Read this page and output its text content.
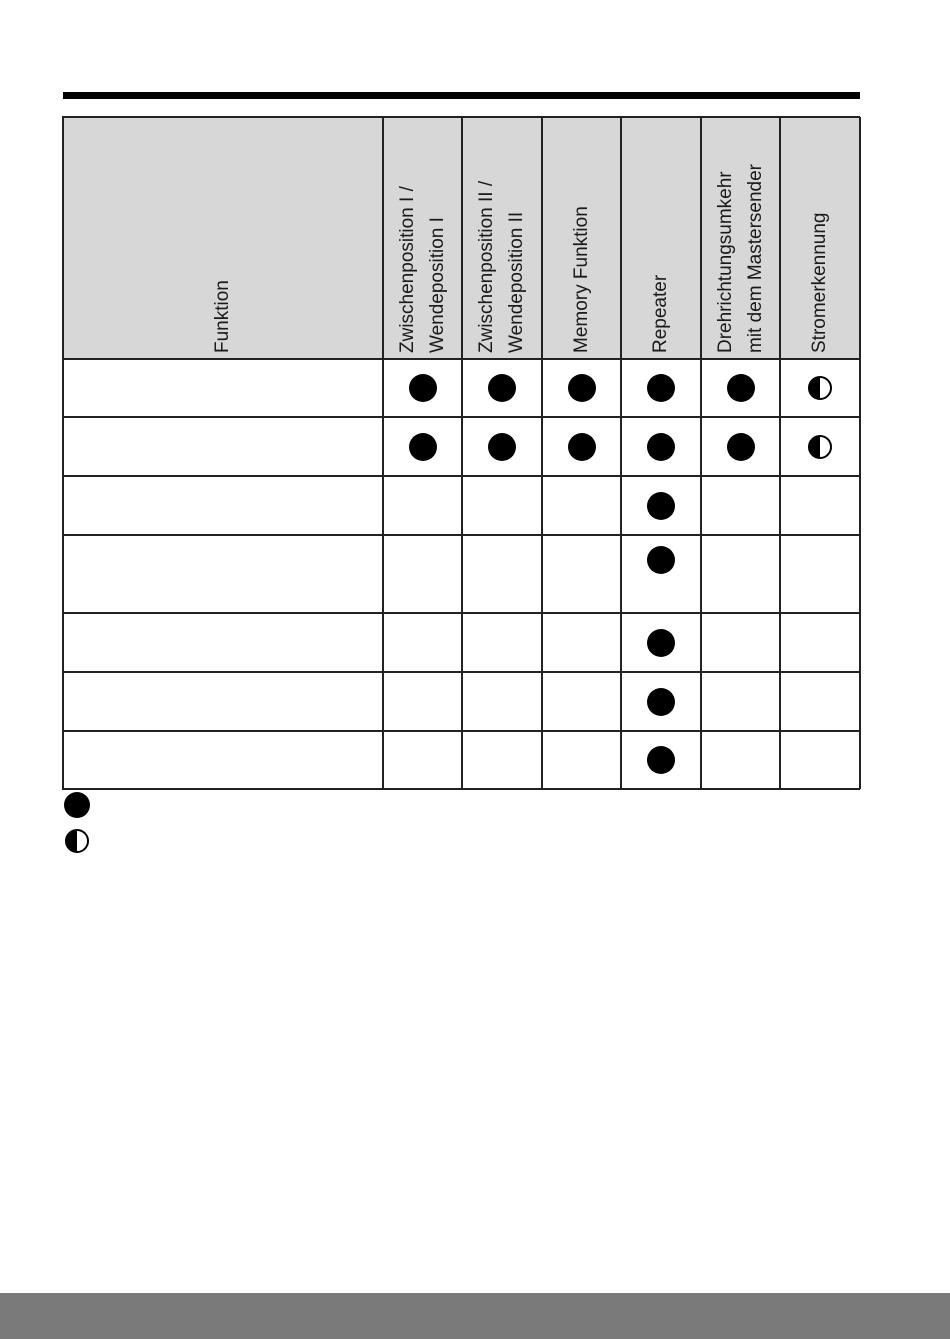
Funktion	Zwischenposition I / Wendeposition I Zwischenposition II / Wendeposition II Memory Funktion	Repeater Drehrichtungsumkehr mit dem Mastersender Stromerkennung
